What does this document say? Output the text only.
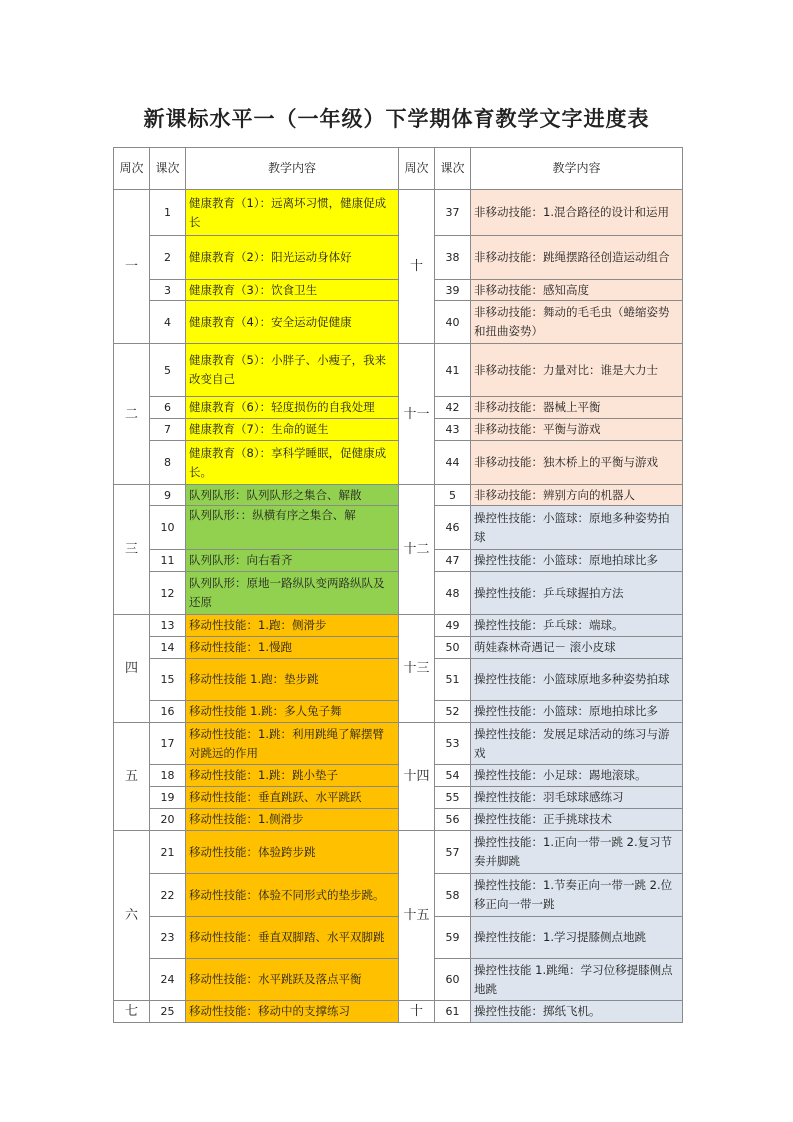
新课标水平一（一年级）下学期体育教学文字进度表
周次	课次	教学内容	周次	课次	教学内容
一	1	健康教育（1）：远离坏习惯，健康促成长	十	37	非移动技能：1.混合路径的设计和运用
	2	健康教育（2）：阳光运动身体好		38	非移动技能：跳绳摆路径创造运动组合
	3	健康教育（3）：饮食卫生		39	非移动技能：感知高度
	4	健康教育（4）：安全运动促健康		40	非移动技能：舞动的毛毛虫（蜷缩姿势和扭曲姿势）
二	5	健康教育（5）：小胖子、小瘦子，我来改变自己	十一	41	非移动技能：力量对比：谁是大力士
	6	健康教育（6）：轻度损伤的自我处理		42	非移动技能：器械上平衡
	7	健康教育（7）：生命的诞生		43	非移动技能：平衡与游戏
	8	健康教育（8）：享科学睡眠，促健康成长。		44	非移动技能：独木桥上的平衡与游戏
三	9	队列队形：队列队形之集合、解散	十二	5	非移动技能：辨别方向的机器人
	10	队列队形：：纵横有序之集合、解		46	操控性技能：小篮球：原地多种姿势拍球
	11	队列队形：向右看齐		47	操控性技能：小篮球：原地拍球比多
	12	队列队形：原地一路纵队变两路纵队及还原		48	操控性技能：乒乓球握拍方法
四	13	移动性技能：1.跑：侧滑步	十三	49	操控性技能：乒乓球：端球。
	14	移动性技能：1.慢跑		50	萌娃森林奇遇记－ 滚小皮球
	15	移动性技能 1.跑：垫步跳		51	操控性技能：小篮球原地多种姿势拍球
	16	移动性技能 1.跳：多人兔子舞		52	操控性技能：小篮球：原地拍球比多
五	17	移动性技能：1.跳：利用跳绳了解摆臂对跳远的作用	十四	53	操控性技能：发展足球活动的练习与游戏
	18	移动性技能：1.跳：跳小垫子		54	操控性技能：小足球：踢地滚球。
	19	移动性技能：垂直跳跃、水平跳跃		55	操控性技能：羽毛球球感练习
	20	移动性技能：1.侧滑步		56	操控性技能：正手挑球技术
六	21	移动性技能：体验跨步跳	十五	57	操控性技能：1.正向一带一跳 2.复习节奏并脚跳
	22	移动性技能：体验不同形式的垫步跳。		58	操控性技能：1.节奏正向一带一跳 2.位移正向一带一跳
	23	移动性技能：垂直双脚踏、水平双脚跳		59	操控性技能：1.学习提膝侧点地跳
	24	移动性技能：水平跳跃及落点平衡		60	操控性技能 1.跳绳：学习位移提膝侧点地跳
七	25	移动性技能：移动中的支撑练习	十	61	操控性技能：掷纸飞机。
